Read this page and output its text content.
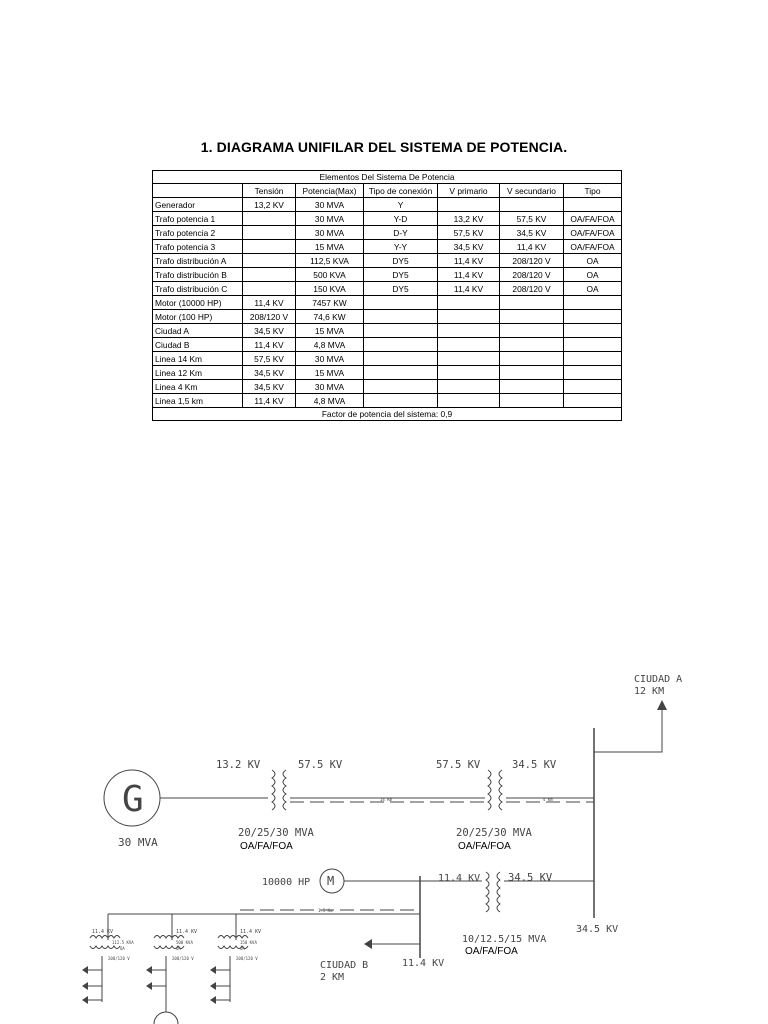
1. DIAGRAMA UNIFILAR DEL SISTEMA DE POTENCIA.
Elementos Del Sistema De Potencia						
	Tensión	Potencia(Max)	Tipo de conexión	V primario	V secundario	Tipo
Generador	13,2 KV	30 MVA	Y			
Trafo potencia 1		30 MVA	Y-D	13,2 KV	57,5 KV	OA/FA/FOA
Trafo potencia 2		30 MVA	D-Y	57,5 KV	34,5 KV	OA/FA/FOA
Trafo potencia 3		15 MVA	Y-Y	34,5 KV	11,4 KV	OA/FA/FOA
Trafo distribución A		112,5 KVA	DY5	11,4 KV	208/120 V	OA
Trafo distribución B		500 KVA	DY5	11,4 KV	208/120 V	OA
Trafo distribución C		150 KVA	DY5	11,4 KV	208/120 V	OA
Motor (10000 HP)	11,4 KV	7457 KW				
Motor (100 HP)	208/120 V	74,6 KW				
Ciudad A	34,5 KV	15 MVA				
Ciudad B	11,4 KV	4,8 MVA				
Linea 14 Km	57,5 KV	30 MVA				
Linea 12 Km	34,5 KV	15 MVA				
Linea 4 Km	34,5 KV	30 MVA				
Linea 1,5 km	11,4 KV	4,8 MVA				
Factor de potencia del sistema: 0,9						
G
30 MVA
13.2 KV	57.5 KV
20/25/30 MVA
OA/FA/FOA
14 Km
57.5 KV	34.5 KV
20/25/30 MVA
OA/FA/FOA
4 Km
CIUDAD A
12 KM
10000 HP M	11.4 KV	34.5 KV
10/12.5/15 MVA
OA/FA/FOA
34.5 KV
11.4 KV
1.5 Km
CIUDAD B
2 KM
11.4 KV
112.5 KVA
OA
208/120 V
11.4 KV
500 KVA
OA
208/120 V
11.4 KV
150 KVA
OA
208/120 V
